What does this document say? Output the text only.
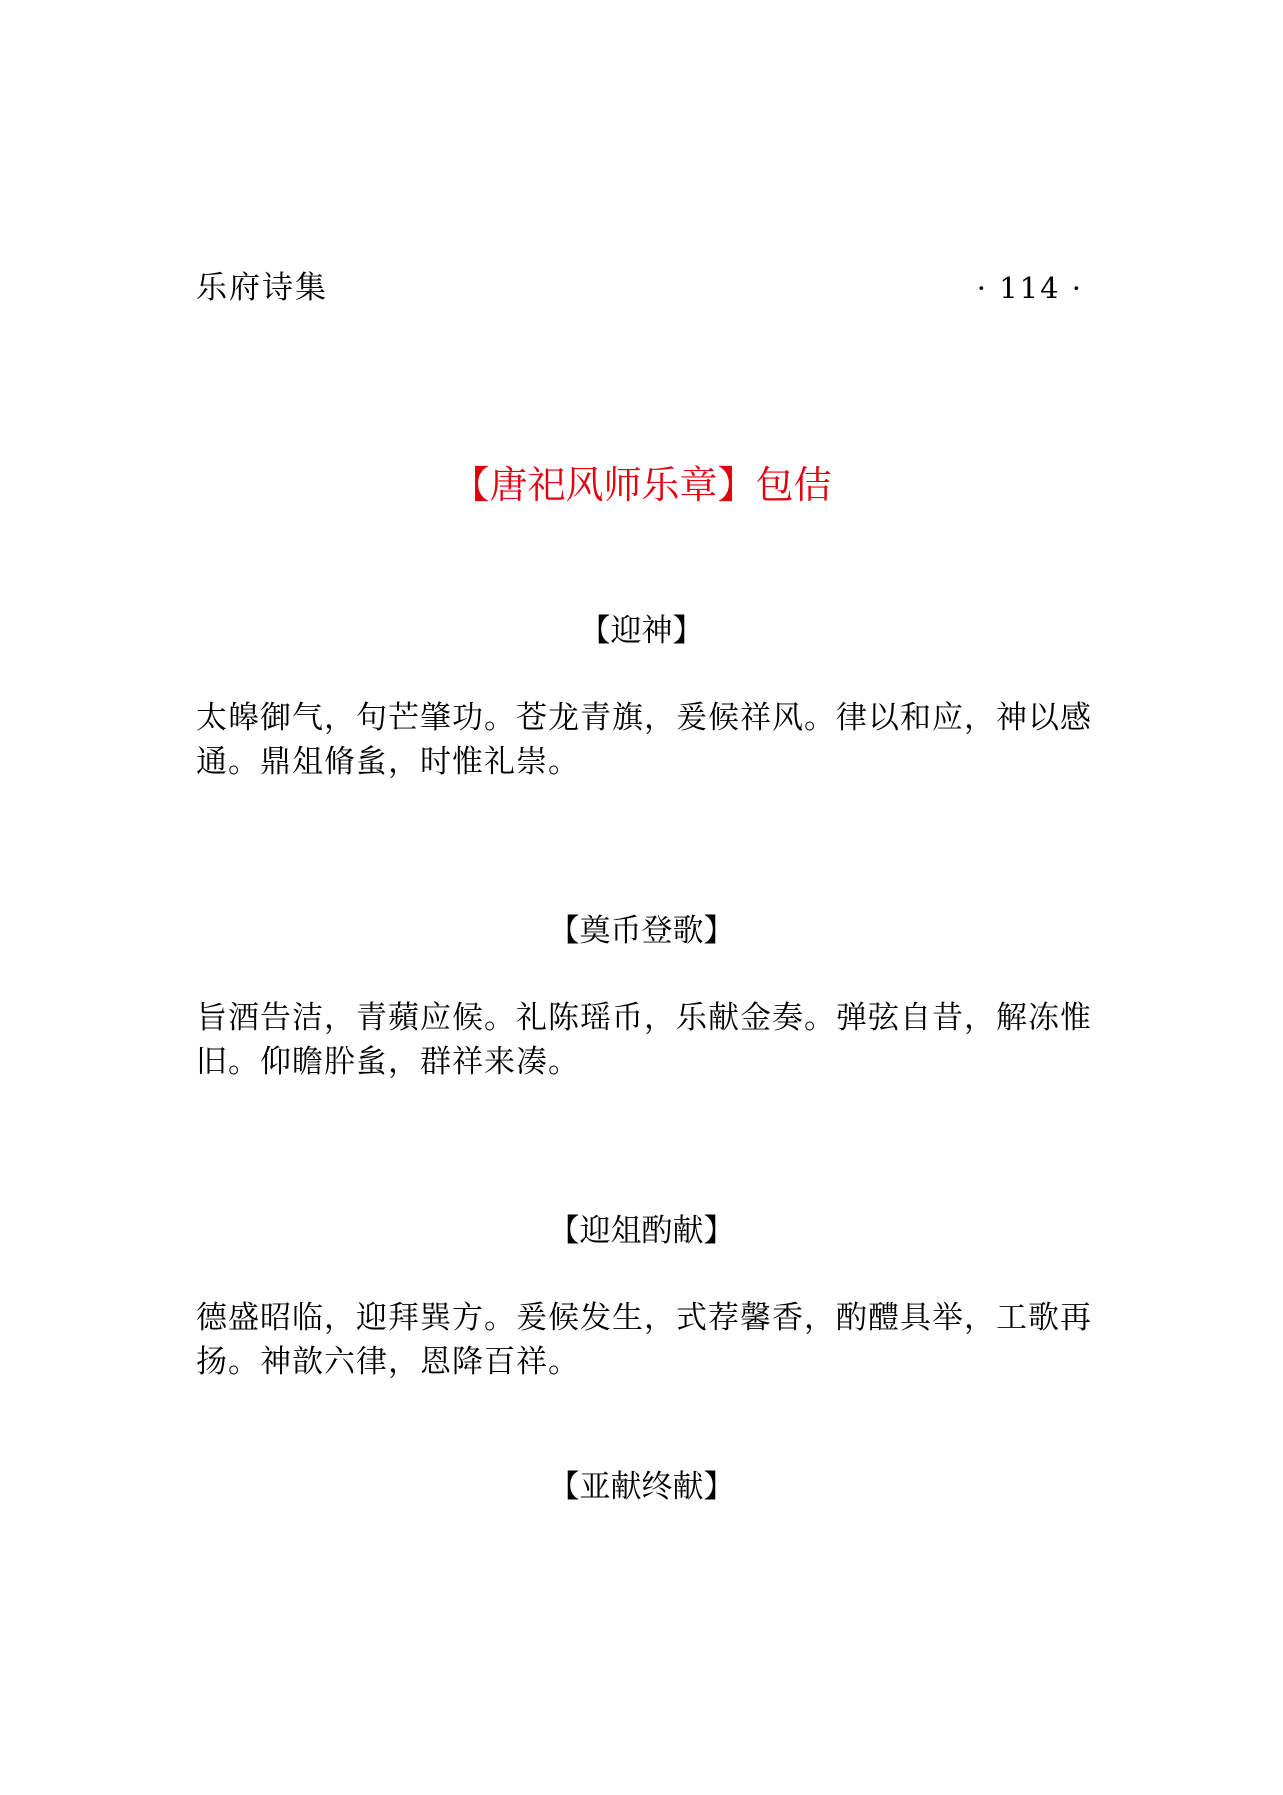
乐府诗集	· 114 ·
【唐祀风师乐章】包佶
【迎神】

太皞御气，句芒肇功。苍龙青旗，爰候祥风。律以和应，神以感通。鼎俎脩蚃，时惟礼崇。

【奠币登歌】

旨酒告洁，青蘋应候。礼陈瑶币，乐献金奏。弹弦自昔，解冻惟旧。仰瞻肸蚃，群祥来凑。

【迎俎酌献】

德盛昭临，迎拜巽方。爰候发生，式荐馨香，酌醴具举，工歌再扬。神歆六律，恩降百祥。

【亚献终献】
